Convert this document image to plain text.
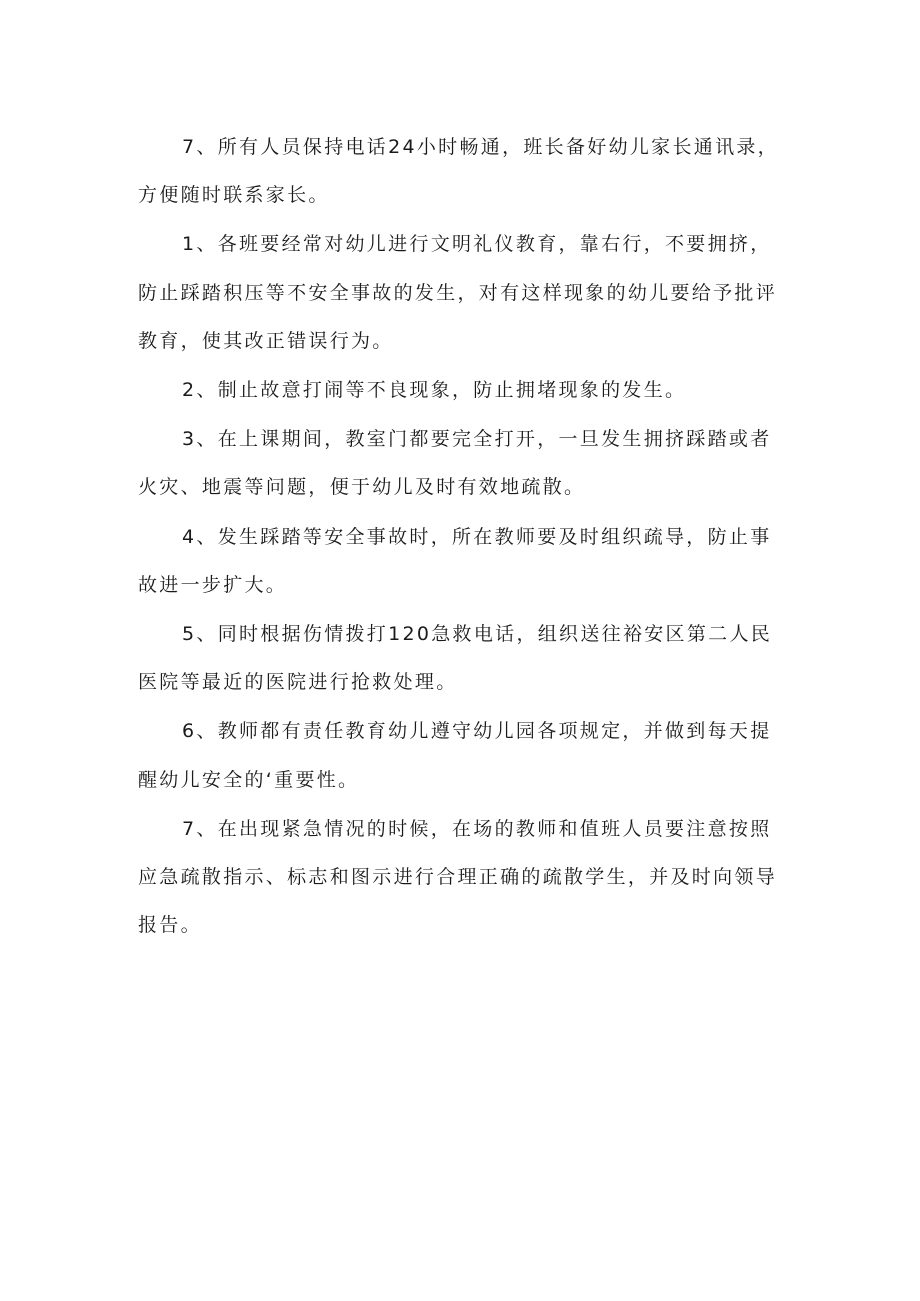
7、所有人员保持电话24小时畅通，班长备好幼儿家长通讯录，方便随时联系家长。

1、各班要经常对幼儿进行文明礼仪教育，靠右行，不要拥挤，防止踩踏积压等不安全事故的发生，对有这样现象的幼儿要给予批评教育，使其改正错误行为。

2、制止故意打闹等不良现象，防止拥堵现象的发生。

3、在上课期间，教室门都要完全打开，一旦发生拥挤踩踏或者火灾、地震等问题，便于幼儿及时有效地疏散。

4、发生踩踏等安全事故时，所在教师要及时组织疏导，防止事故进一步扩大。

5、同时根据伤情拨打120急救电话，组织送往裕安区第二人民医院等最近的医院进行抢救处理。

6、教师都有责任教育幼儿遵守幼儿园各项规定，并做到每天提醒幼儿安全的‘重要性。

7、在出现紧急情况的时候，在场的教师和值班人员要注意按照应急疏散指示、标志和图示进行合理正确的疏散学生，并及时向领导报告。
